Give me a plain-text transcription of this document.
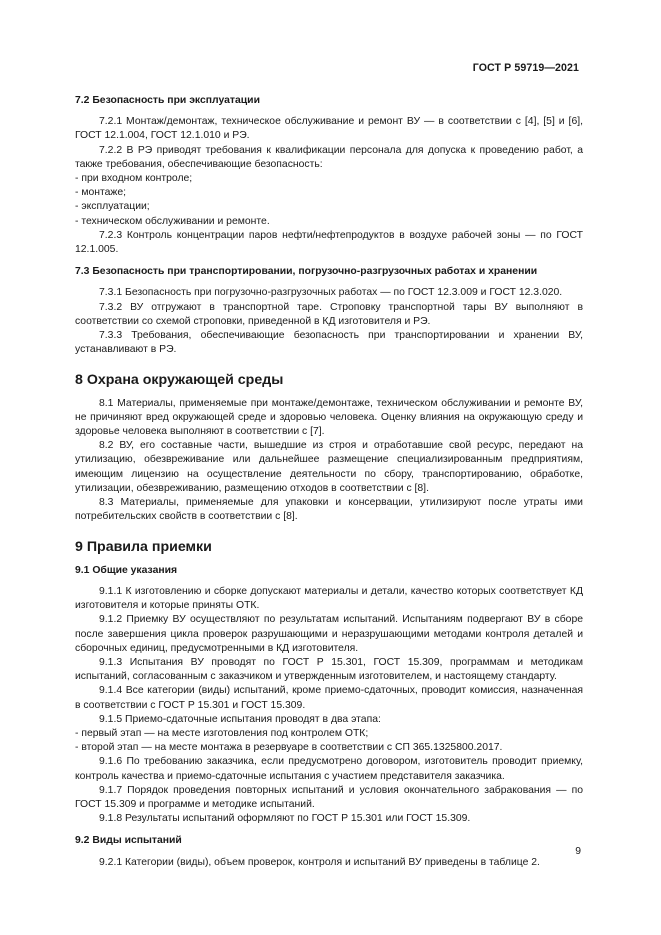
ГОСТ Р 59719—2021
7.2 Безопасность при эксплуатации

7.2.1 Монтаж/демонтаж, техническое обслуживание и ремонт ВУ — в соответствии с [4], [5] и [6], ГОСТ 12.1.004, ГОСТ 12.1.010 и РЭ.

7.2.2 В РЭ приводят требования к квалификации персонала для допуска к проведению работ, а также требования, обеспечивающие безопасность:

- при входном контроле;

- монтаже;

- эксплуатации;

- техническом обслуживании и ремонте.

7.2.3 Контроль концентрации паров нефти/нефтепродуктов в воздухе рабочей зоны — по ГОСТ 12.1.005.

7.3 Безопасность при транспортировании, погрузочно-разгрузочных работах и хранении

7.3.1 Безопасность при погрузочно-разгрузочных работах — по ГОСТ 12.3.009 и ГОСТ 12.3.020.

7.3.2 ВУ отгружают в транспортной таре. Строповку транспортной тары ВУ выполняют в соответствии со схемой строповки, приведенной в КД изготовителя и РЭ.

7.3.3 Требования, обеспечивающие безопасность при транспортировании и хранении ВУ, устанавливают в РЭ.

8 Охрана окружающей среды

8.1 Материалы, применяемые при монтаже/демонтаже, техническом обслуживании и ремонте ВУ, не причиняют вред окружающей среде и здоровью человека. Оценку влияния на окружающую среду и здоровье человека выполняют в соответствии с [7].

8.2 ВУ, его составные части, вышедшие из строя и отработавшие свой ресурс, передают на утилизацию, обезвреживание или дальнейшее размещение специализированным предприятиям, имеющим лицензию на осуществление деятельности по сбору, транспортированию, обработке, утилизации, обезвреживанию, размещению отходов в соответствии с [8].

8.3 Материалы, применяемые для упаковки и консервации, утилизируют после утраты ими потребительских свойств в соответствии с [8].

9 Правила приемки
9.1 Общие указания

9.1.1 К изготовлению и сборке допускают материалы и детали, качество которых соответствует КД изготовителя и которые приняты ОТК.

9.1.2 Приемку ВУ осуществляют по результатам испытаний. Испытаниям подвергают ВУ в сборе после завершения цикла проверок разрушающими и неразрушающими методами контроля деталей и сборочных единиц, предусмотренными в КД изготовителя.

9.1.3 Испытания ВУ проводят по ГОСТ Р 15.301, ГОСТ 15.309, программам и методикам испытаний, согласованным с заказчиком и утвержденным изготовителем, и настоящему стандарту.

9.1.4 Все категории (виды) испытаний, кроме приемо-сдаточных, проводит комиссия, назначенная в соответствии с ГОСТ Р 15.301 и ГОСТ 15.309.

9.1.5 Приемо-сдаточные испытания проводят в два этапа:

- первый этап — на месте изготовления под контролем ОТК;

- второй этап — на месте монтажа в резервуаре в соответствии с СП 365.1325800.2017.

9.1.6 По требованию заказчика, если предусмотрено договором, изготовитель проводит приемку, контроль качества и приемо-сдаточные испытания с участием представителя заказчика.

9.1.7 Порядок проведения повторных испытаний и условия окончательного забракования — по ГОСТ 15.309 и программе и методике испытаний.

9.1.8 Результаты испытаний оформляют по ГОСТ Р 15.301 или ГОСТ 15.309.

9.2 Виды испытаний

9.2.1 Категории (виды), объем проверок, контроля и испытаний ВУ приведены в таблице 2.

9
